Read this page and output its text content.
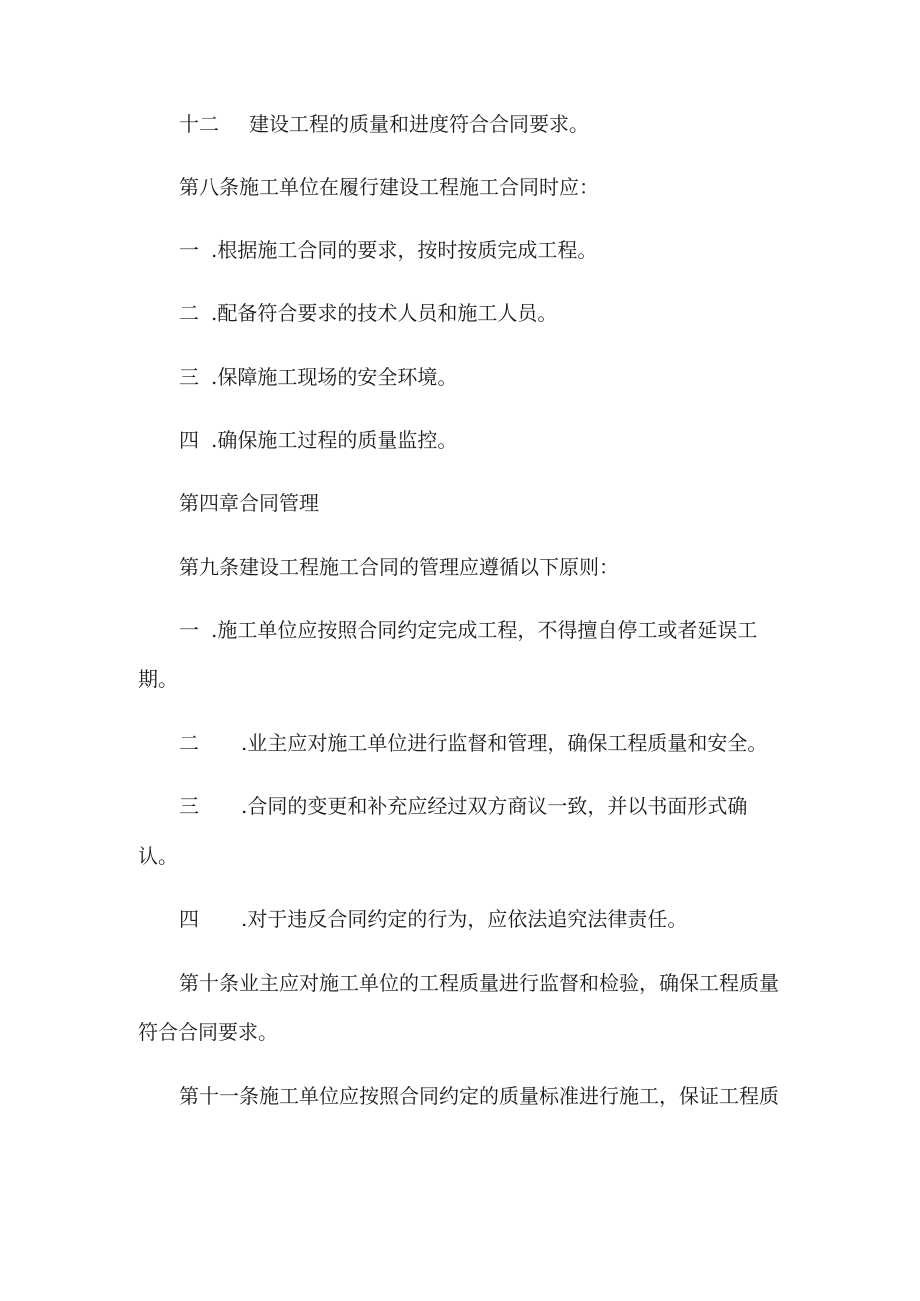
十二 建设工程的质量和进度符合合同要求。
第八条施工单位在履行建设工程施工合同时应：
一 .根据施工合同的要求，按时按质完成工程。
二 .配备符合要求的技术人员和施工人员。
三 .保障施工现场的安全环境。
四 .确保施工过程的质量监控。
第四章合同管理
第九条建设工程施工合同的管理应遵循以下原则：
一 .施工单位应按照合同约定完成工程，不得擅自停工或者延误工
期。
二 .业主应对施工单位进行监督和管理，确保工程质量和安全。
三 .合同的变更和补充应经过双方商议一致，并以书面形式确
认。
四 .对于违反合同约定的行为，应依法追究法律责任。
第十条业主应对施工单位的工程质量进行监督和检验，确保工程质量
符合合同要求。
第十一条施工单位应按照合同约定的质量标准进行施工，保证工程质
